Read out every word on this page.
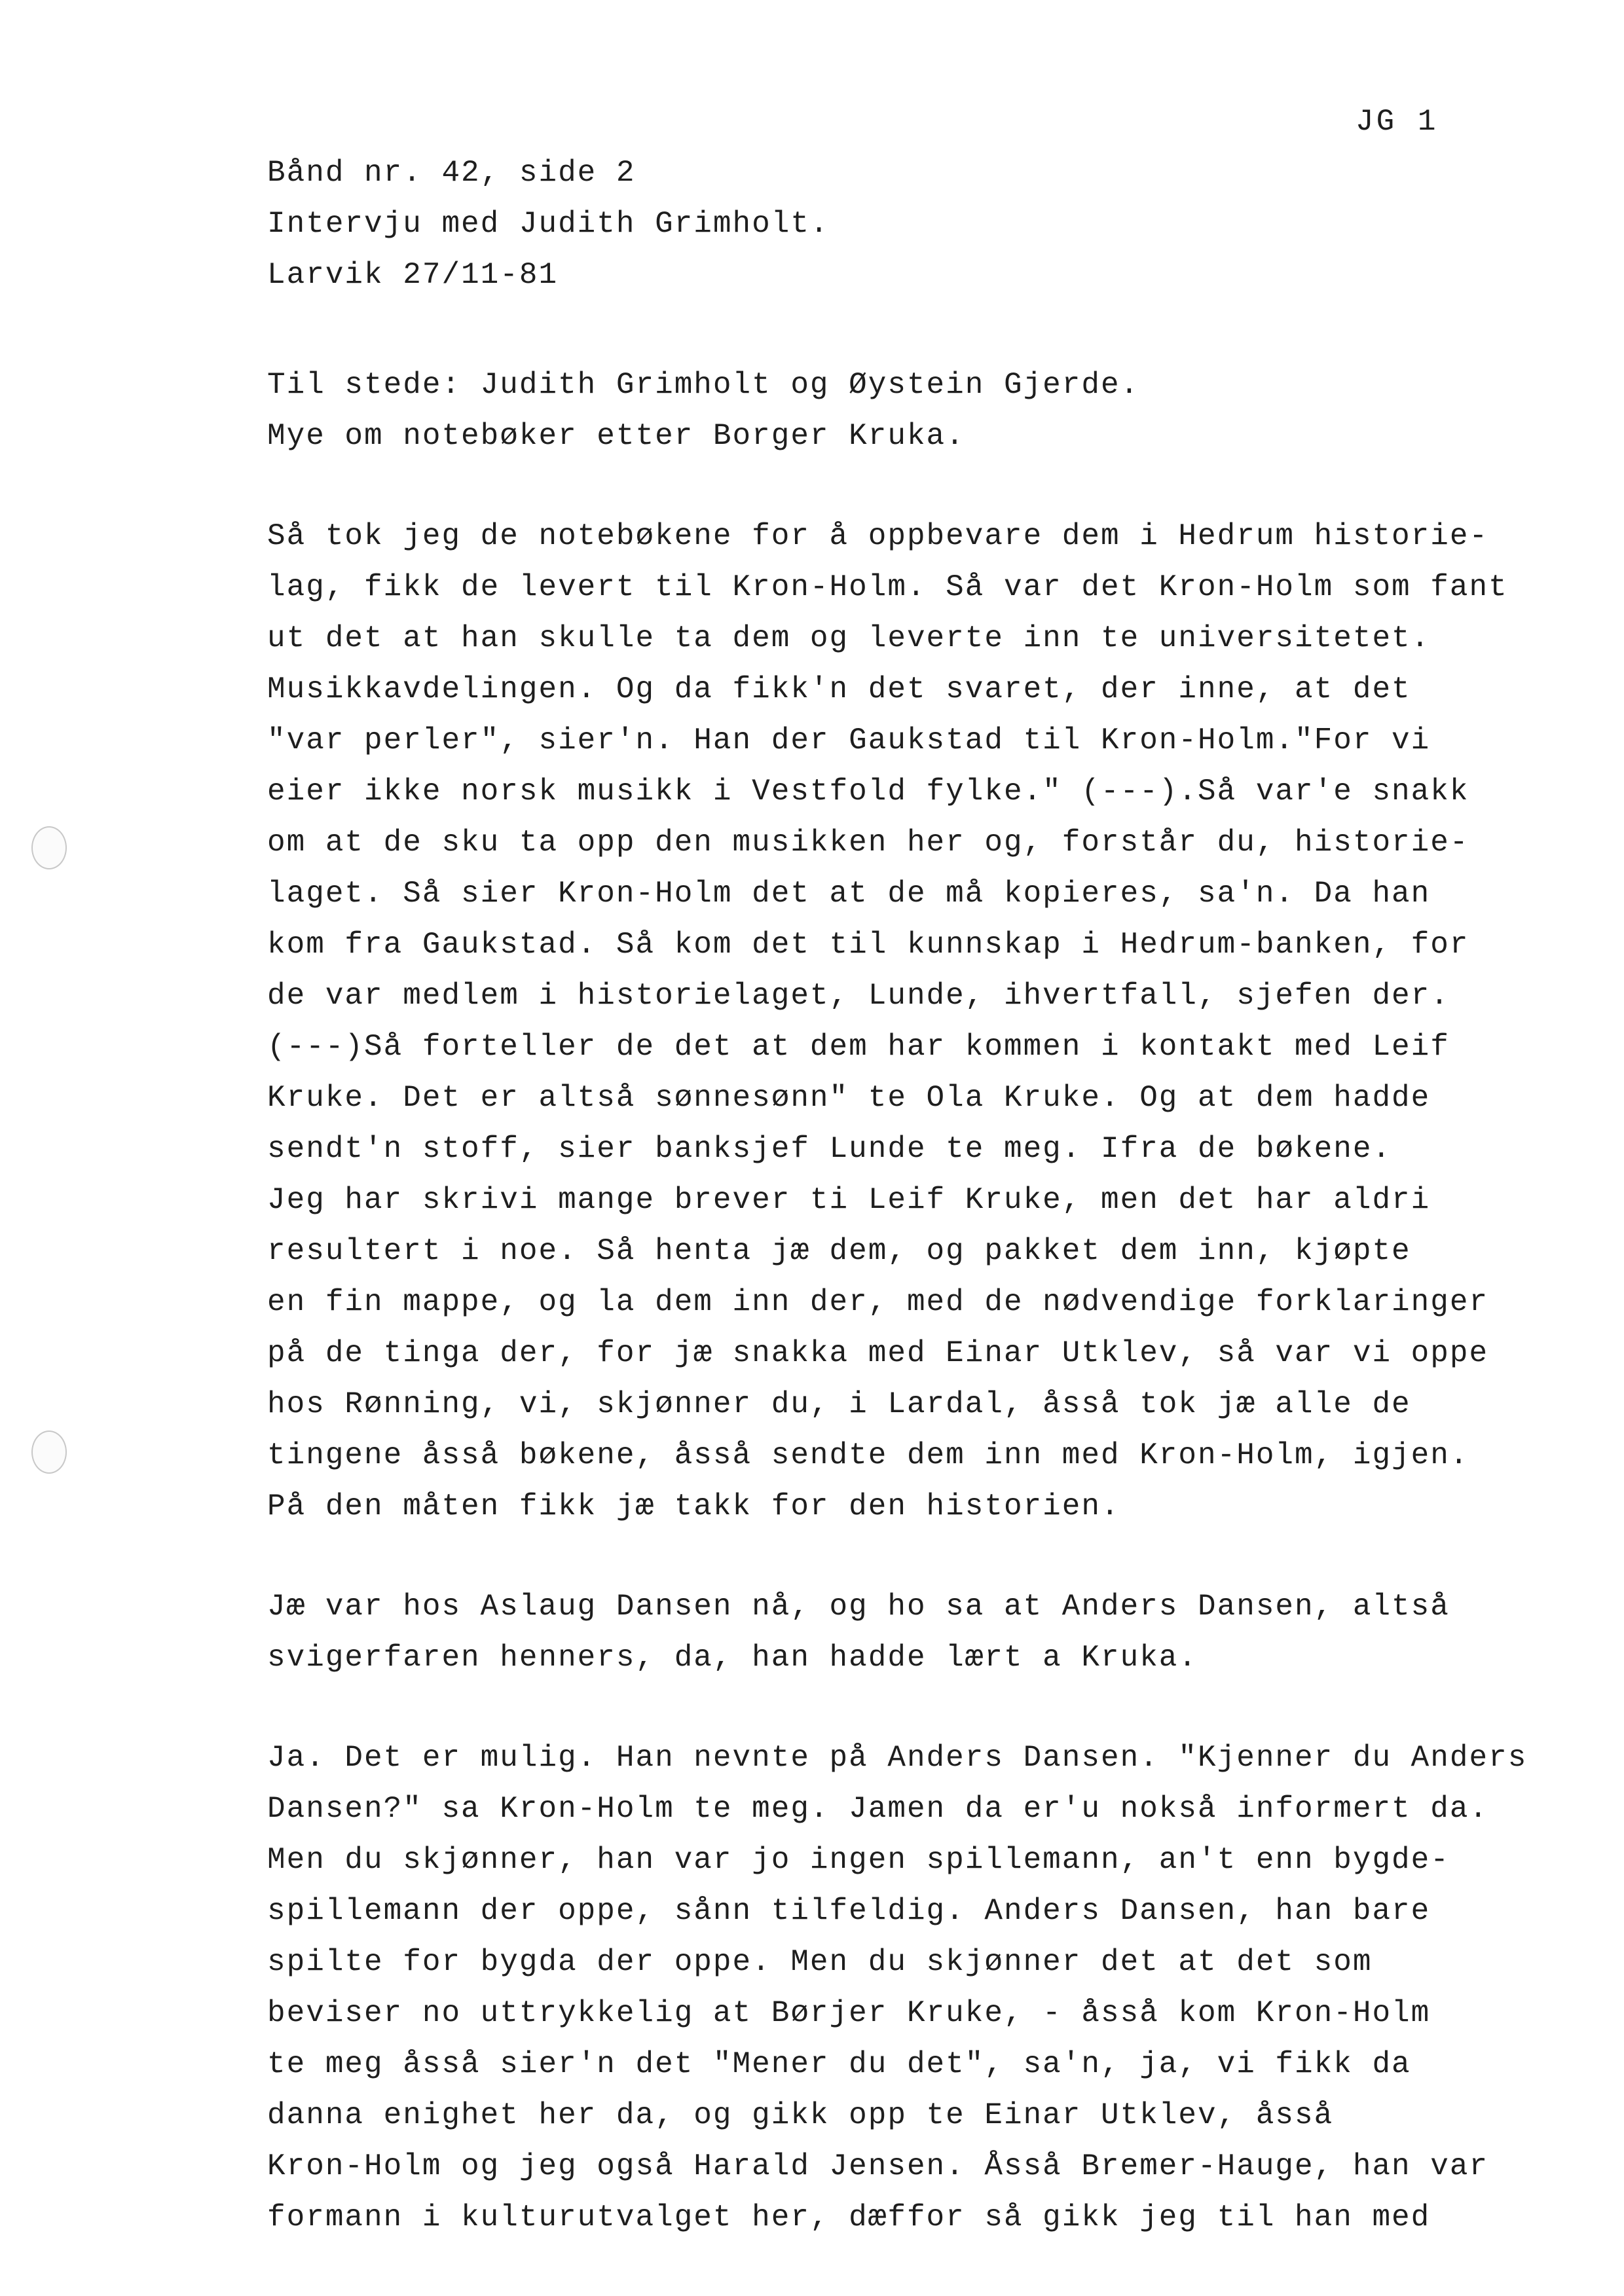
JG 1
Bånd nr. 42, side 2
Intervju med Judith Grimholt.
Larvik 27/11-81
Til stede: Judith Grimholt og Øystein Gjerde.
Mye om notebøker etter Borger Kruka.
Så tok jeg de notebøkene for å oppbevare dem i Hedrum historie-
lag, fikk de levert til Kron-Holm. Så var det Kron-Holm som fant
ut det at han skulle ta dem og leverte inn te universitetet.
Musikkavdelingen. Og da fikk'n det svaret, der inne, at det
"var perler", sier'n. Han der Gaukstad til Kron-Holm."For vi
eier ikke norsk musikk i Vestfold fylke." (---).Så var'e snakk
om at de sku ta opp den musikken her og, forstår du, historie-
laget. Så sier Kron-Holm det at de må kopieres, sa'n. Da han
kom fra Gaukstad. Så kom det til kunnskap i Hedrum-banken, for
de var medlem i historielaget, Lunde, ihvertfall, sjefen der.
(---)Så forteller de det at dem har kommen i kontakt med Leif
Kruke. Det er altså sønnesønn" te Ola Kruke. Og at dem hadde
sendt'n stoff, sier banksjef Lunde te meg. Ifra de bøkene.
Jeg har skrivi mange brever ti Leif Kruke, men det har aldri
resultert i noe. Så henta jæ dem, og pakket dem inn, kjøpte
en fin mappe, og la dem inn der, med de nødvendige forklaringer
på de tinga der, for jæ snakka med Einar Utklev, så var vi oppe
hos Rønning, vi, skjønner du, i Lardal, åsså tok jæ alle de
tingene åsså bøkene, åsså sendte dem inn med Kron-Holm, igjen.
På den måten fikk jæ takk for den historien.
Jæ var hos Aslaug Dansen nå, og ho sa at Anders Dansen, altså
svigerfaren henners, da, han hadde lært a Kruka.
Ja. Det er mulig. Han nevnte på Anders Dansen. "Kjenner du Anders
Dansen?" sa Kron-Holm te meg. Jamen da er'u nokså informert da.
Men du skjønner, han var jo ingen spillemann, an't enn bygde-
spillemann der oppe, sånn tilfeldig. Anders Dansen, han bare
spilte for bygda der oppe. Men du skjønner det at det som
beviser no uttrykkelig at Børjer Kruke, - åsså kom Kron-Holm
te meg åsså sier'n det "Mener du det", sa'n, ja, vi fikk da
danna enighet her da, og gikk opp te Einar Utklev, åsså
Kron-Holm og jeg også Harald Jensen. Åsså Bremer-Hauge, han var
formann i kulturutvalget her, dæffor så gikk jeg til han med
